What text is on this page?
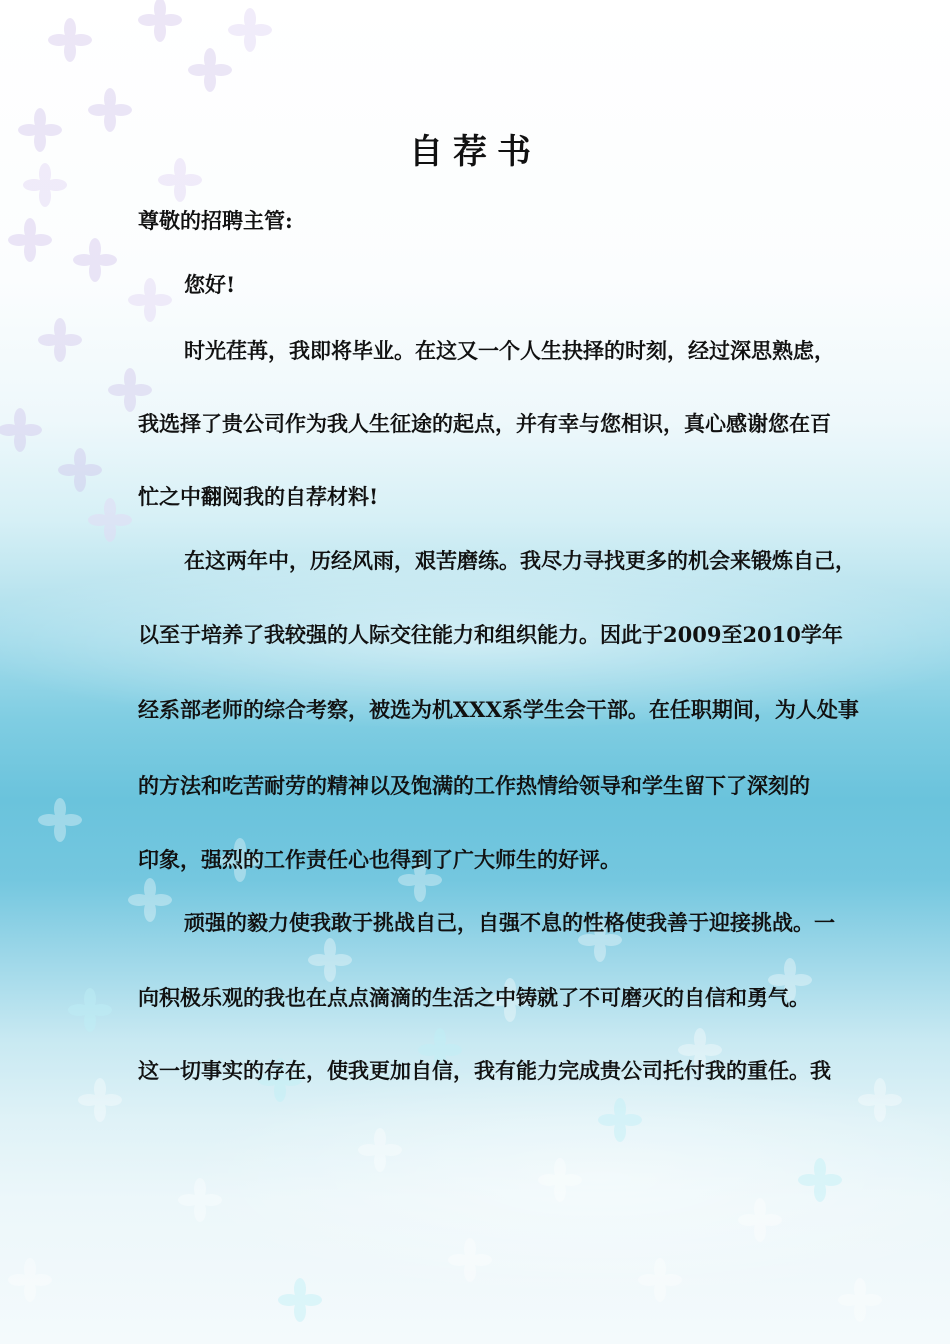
自荐书
尊敬的招聘主管:
您好!
时光荏苒，我即将毕业。在这又一个人生抉择的时刻，经过深思熟虑，
我选择了贵公司作为我人生征途的起点，并有幸与您相识，真心感谢您在百
忙之中翻阅我的自荐材料!
在这两年中，历经风雨，艰苦磨练。我尽力寻找更多的机会来锻炼自己，
以至于培养了我较强的人际交往能力和组织能力。因此于2009至2010学年
经系部老师的综合考察，被选为机XXX系学生会干部。在任职期间，为人处事
的方法和吃苦耐劳的精神以及饱满的工作热情给领导和学生留下了深刻的
印象，强烈的工作责任心也得到了广大师生的好评。
顽强的毅力使我敢于挑战自己，自强不息的性格使我善于迎接挑战。一
向积极乐观的我也在点点滴滴的生活之中铸就了不可磨灭的自信和勇气。
这一切事实的存在，使我更加自信，我有能力完成贵公司托付我的重任。我
